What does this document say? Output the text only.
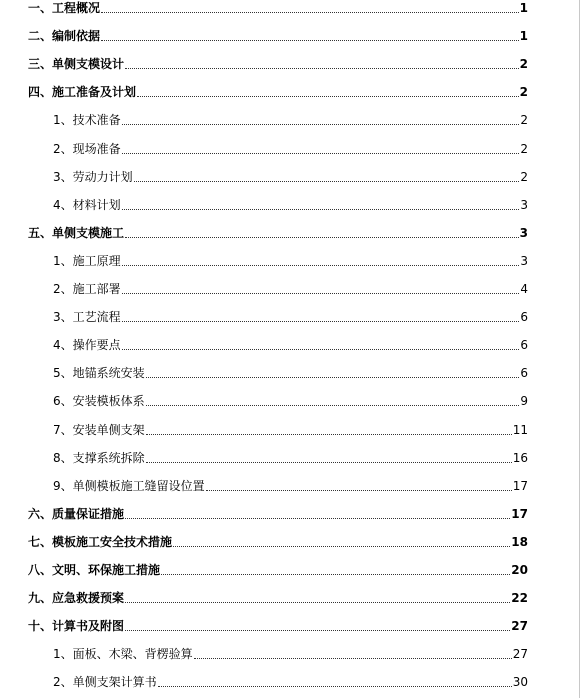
一、工程概况	1
二、编制依据	1
三、单侧支模设计	2
四、施工准备及计划	2
1、技术准备	2
2、现场准备	2
3、劳动力计划	2
4、材料计划	3
五、单侧支模施工	3
1、施工原理	3
2、施工部署	4
3、工艺流程	6
4、操作要点	6
5、地锚系统安装	6
6、安装模板体系	9
7、安装单侧支架	11
8、支撑系统拆除	16
9、单侧模板施工缝留设位置	17
六、质量保证措施	17
七、模板施工安全技术措施	18
八、文明、环保施工措施	20
九、应急救援预案	22
十、计算书及附图	27
1、面板、木梁、背楞验算	27
2、单侧支架计算书	30
